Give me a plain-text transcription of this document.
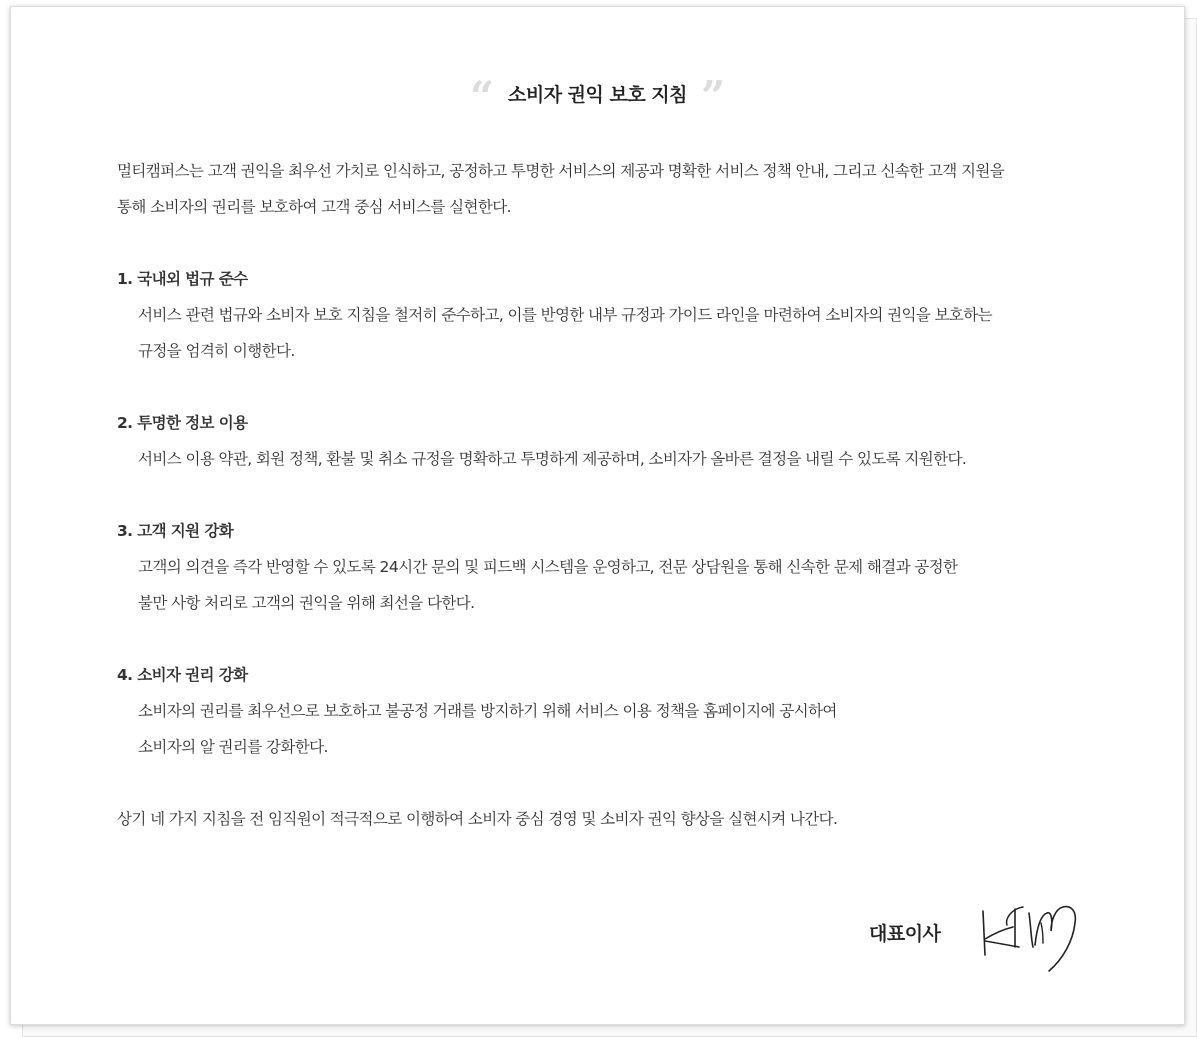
“ 소비자 권익 보호 지침 ”

멀티캠퍼스는 고객 권익을 최우선 가치로 인식하고, 공정하고 투명한 서비스의 제공과 명확한 서비스 정책 안내, 그리고 신속한 고객 지원을

통해 소비자의 권리를 보호하여 고객 중심 서비스를 실현한다.

1. 국내외 법규 준수

서비스 관련 법규와 소비자 보호 지침을 철저히 준수하고, 이를 반영한 내부 규정과 가이드 라인을 마련하여 소비자의 권익을 보호하는

규정을 엄격히 이행한다.

2. 투명한 정보 이용

서비스 이용 약관, 회원 정책, 환불 및 취소 규정을 명확하고 투명하게 제공하며, 소비자가 올바른 결정을 내릴 수 있도록 지원한다.

3. 고객 지원 강화

고객의 의견을 즉각 반영할 수 있도록 24시간 문의 및 피드백 시스템을 운영하고, 전문 상담원을 통해 신속한 문제 해결과 공정한

불만 사항 처리로 고객의 권익을 위해 최선을 다한다.

4. 소비자 권리 강화

소비자의 권리를 최우선으로 보호하고 불공정 거래를 방지하기 위해 서비스 이용 정책을 홈페이지에 공시하여

소비자의 알 권리를 강화한다.

상기 네 가지 지침을 전 임직원이 적극적으로 이행하여 소비자 중심 경영 및 소비자 권익 향상을 실현시켜 나간다.

대표이사
